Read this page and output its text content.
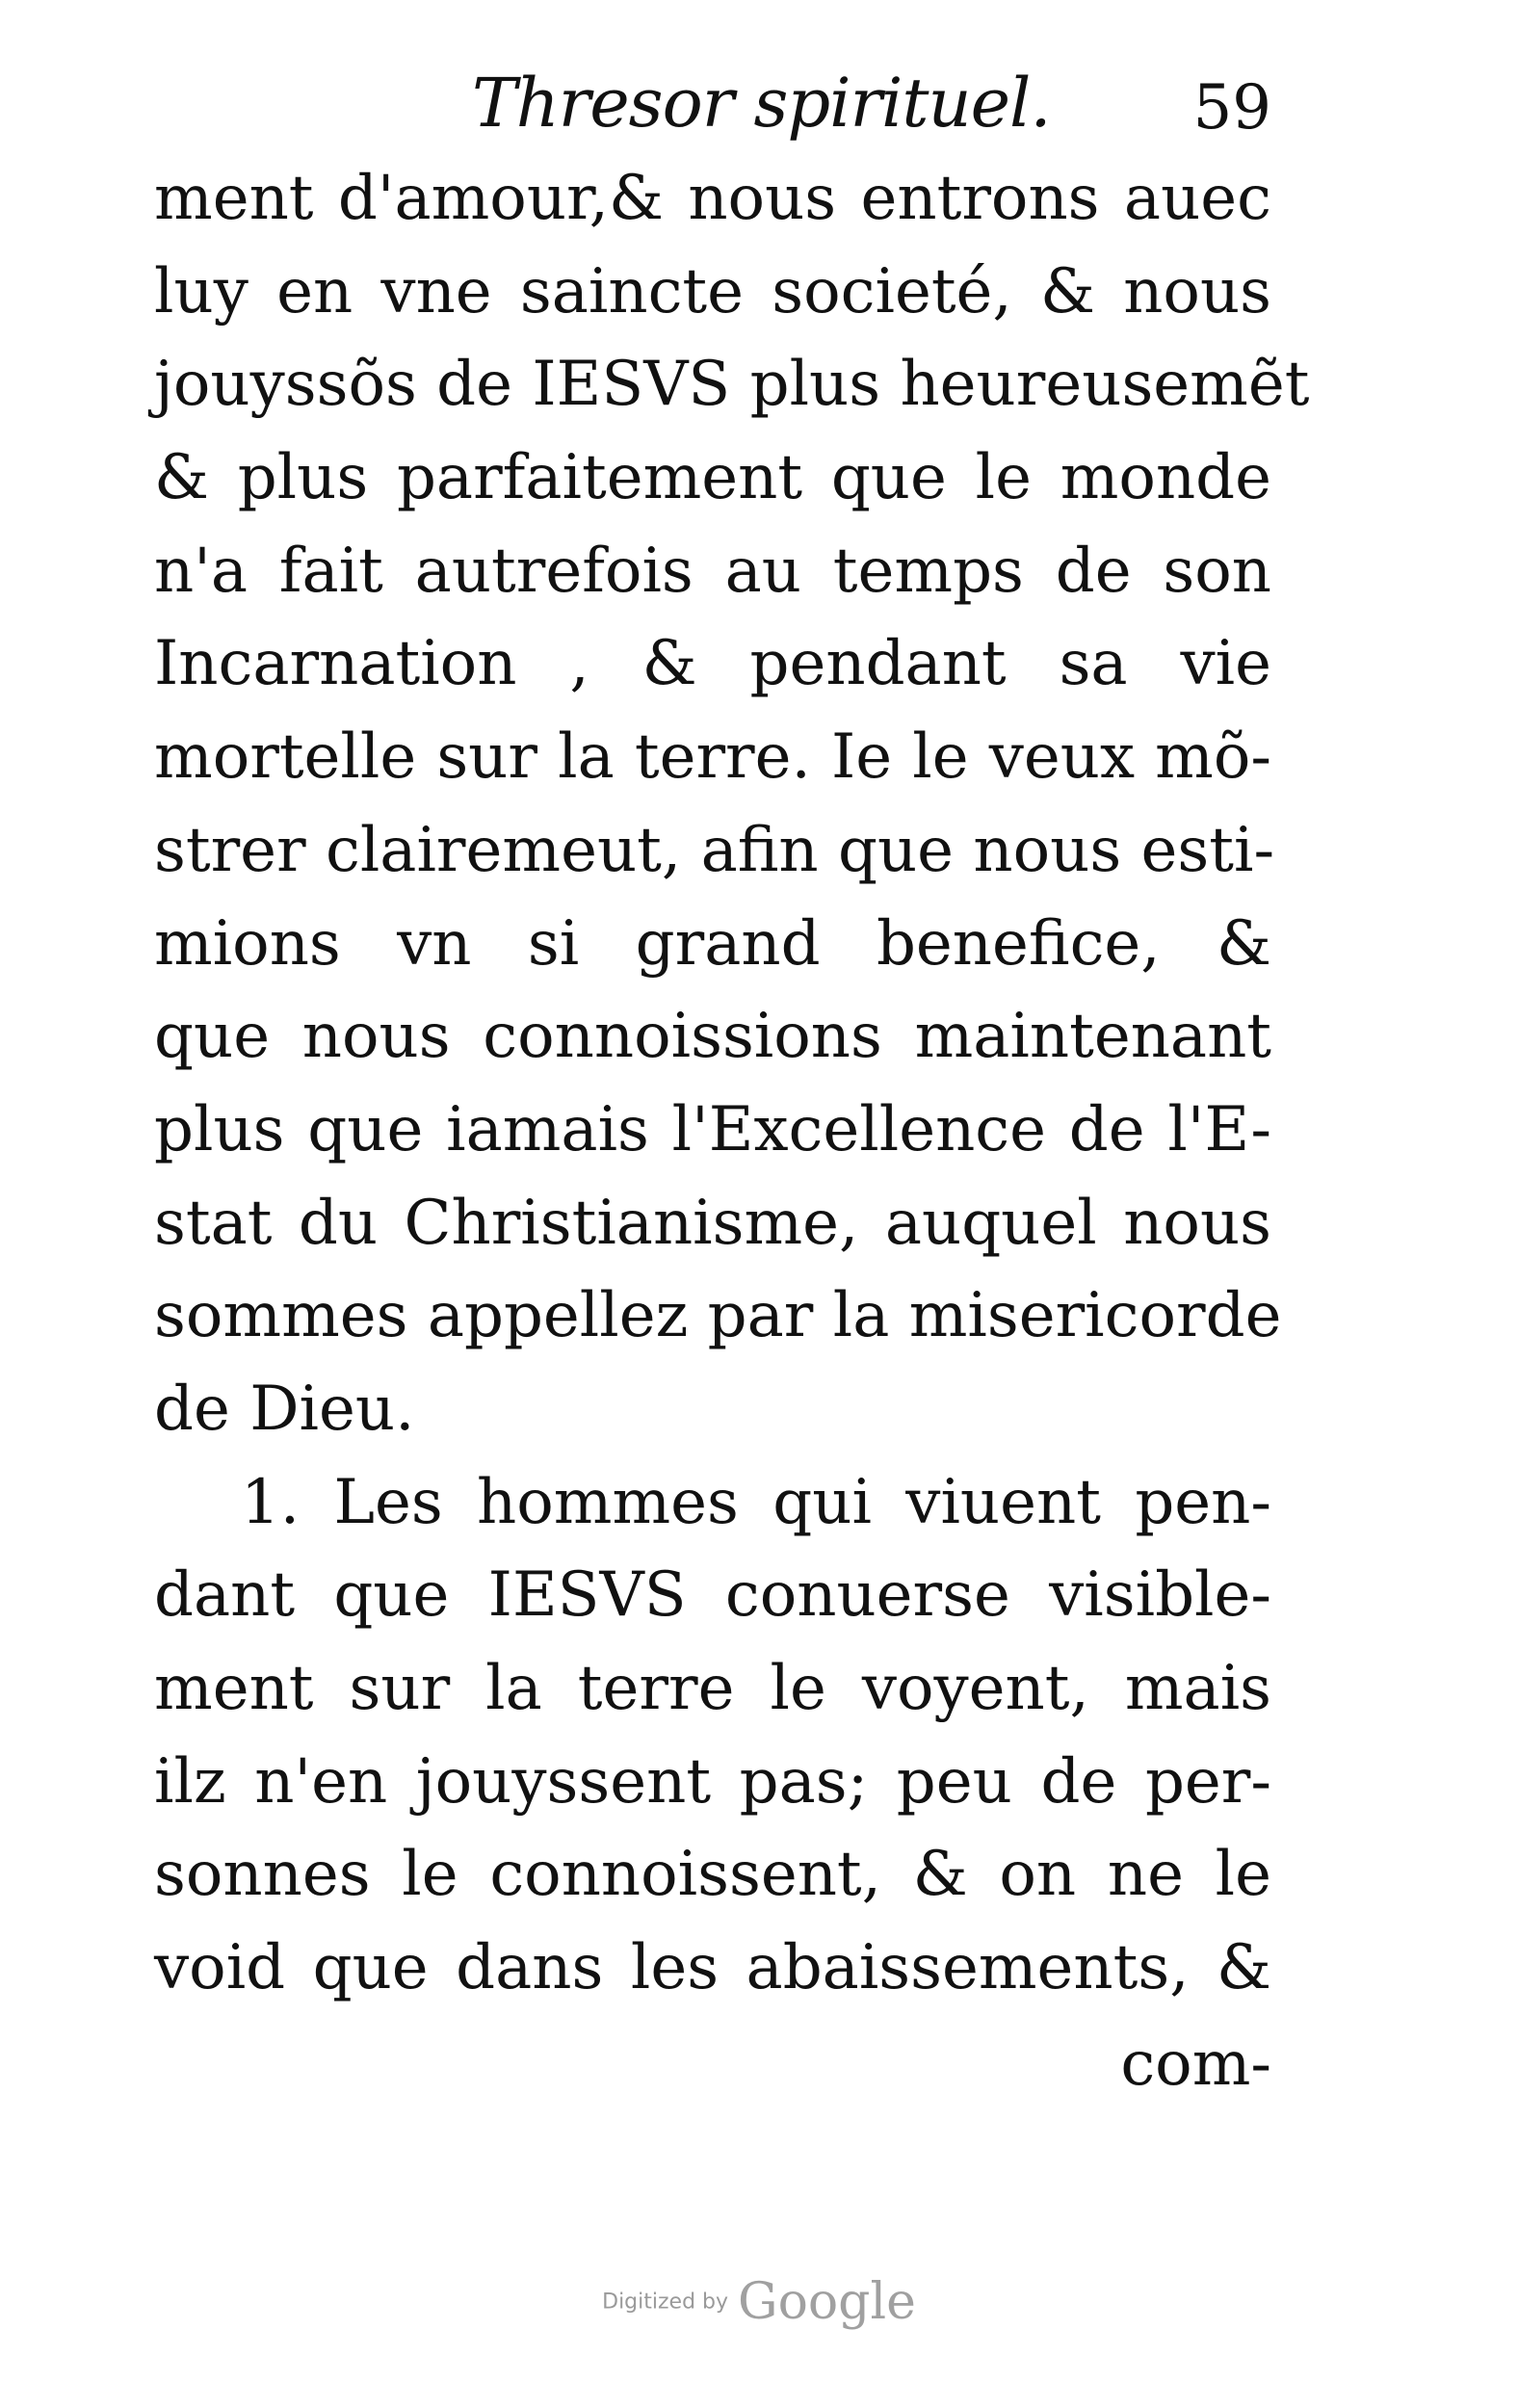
Thresor spirituel. 59
ment d'amour,& nous entrons auec
luy en vne saincte societé, & nous
jouyssõs de IESVS plus heureusemẽt
& plus parfaitement que le monde
n'a fait autrefois au temps de son
Incarnation , & pendant sa vie
mortelle sur la terre. Ie le veux mõ-
strer clairemeut, afin que nous esti-
mions vn si grand benefice, &
que nous connoissions maintenant
plus que iamais l'Excellence de l'E-
stat du Christianisme, auquel nous
sommes appellez par la misericorde
de Dieu.
1. Les hommes qui viuent pen-
dant que IESVS conuerse visible-
ment sur la terre le voyent, mais
ilz n'en jouyssent pas; peu de per-
sonnes le connoissent, & on ne le
void que dans les abaissements, &
com-
Digitized by Google
